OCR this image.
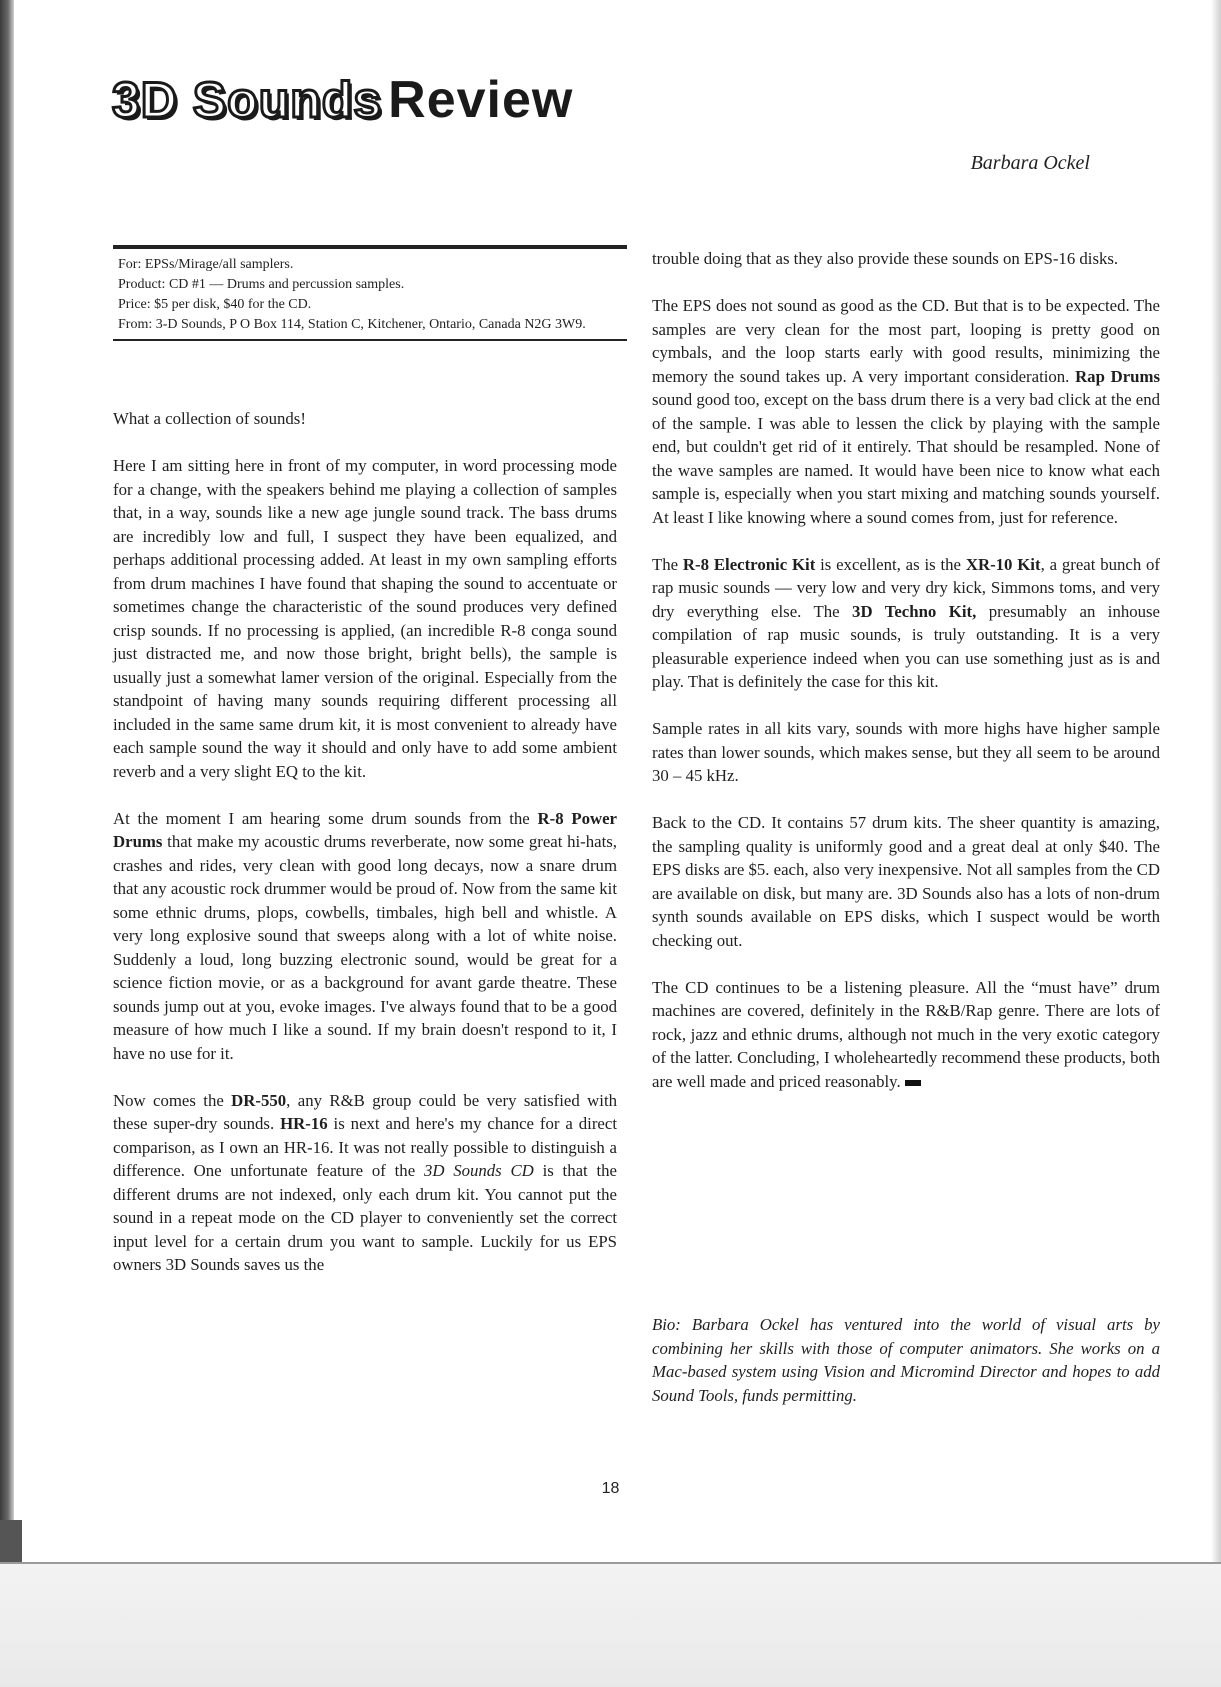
3D Sounds Review
Barbara Ockel
For: EPSs/Mirage/all samplers.
Product: CD #1 — Drums and percussion samples.
Price: $5 per disk, $40 for the CD.
From: 3-D Sounds, P O Box 114, Station C, Kitchener, Ontario, Canada N2G 3W9.

What a collection of sounds!

Here I am sitting here in front of my computer, in word processing mode for a change, with the speakers behind me playing a collection of samples that, in a way, sounds like a new age jungle sound track. The bass drums are incredibly low and full, I suspect they have been equalized, and perhaps additional processing added. At least in my own sampling efforts from drum machines I have found that shaping the sound to accentuate or sometimes change the characteristic of the sound produces very defined crisp sounds. If no processing is applied, (an incredible R-8 conga sound just distracted me, and now those bright, bright bells), the sample is usually just a somewhat lamer version of the original. Especially from the standpoint of having many sounds requiring different processing all included in the same same drum kit, it is most convenient to already have each sample sound the way it should and only have to add some ambient reverb and a very slight EQ to the kit.

At the moment I am hearing some drum sounds from the R-8 Power Drums that make my acoustic drums reverberate, now some great hi-hats, crashes and rides, very clean with good long decays, now a snare drum that any acoustic rock drummer would be proud of. Now from the same kit some ethnic drums, plops, cowbells, timbales, high bell and whistle. A very long explosive sound that sweeps along with a lot of white noise. Suddenly a loud, long buzzing electronic sound, would be great for a science fiction movie, or as a background for avant garde theatre. These sounds jump out at you, evoke images. I've always found that to be a good measure of how much I like a sound. If my brain doesn't respond to it, I have no use for it.

Now comes the DR-550, any R&B group could be very satisfied with these super-dry sounds. HR-16 is next and here's my chance for a direct comparison, as I own an HR-16. It was not really possible to distinguish a difference. One unfortunate feature of the 3D Sounds CD is that the different drums are not indexed, only each drum kit. You cannot put the sound in a repeat mode on the CD player to conveniently set the correct input level for a certain drum you want to sample. Luckily for us EPS owners 3D Sounds saves us the

trouble doing that as they also provide these sounds on EPS-16 disks.

The EPS does not sound as good as the CD. But that is to be expected. The samples are very clean for the most part, looping is pretty good on cymbals, and the loop starts early with good results, minimizing the memory the sound takes up. A very important consideration. Rap Drums sound good too, except on the bass drum there is a very bad click at the end of the sample. I was able to lessen the click by playing with the sample end, but couldn't get rid of it entirely. That should be resampled. None of the wave samples are named. It would have been nice to know what each sample is, especially when you start mixing and matching sounds yourself. At least I like knowing where a sound comes from, just for reference.

The R-8 Electronic Kit is excellent, as is the XR-10 Kit, a great bunch of rap music sounds — very low and very dry kick, Simmons toms, and very dry everything else. The 3D Techno Kit, presumably an inhouse compilation of rap music sounds, is truly outstanding. It is a very pleasurable experience indeed when you can use something just as is and play. That is definitely the case for this kit.

Sample rates in all kits vary, sounds with more highs have higher sample rates than lower sounds, which makes sense, but they all seem to be around 30 – 45 kHz.

Back to the CD. It contains 57 drum kits. The sheer quantity is amazing, the sampling quality is uniformly good and a great deal at only $40. The EPS disks are $5. each, also very inexpensive. Not all samples from the CD are available on disk, but many are. 3D Sounds also has a lots of non-drum synth sounds available on EPS disks, which I suspect would be worth checking out.

The CD continues to be a listening pleasure. All the “must have” drum machines are covered, definitely in the R&B/Rap genre. There are lots of rock, jazz and ethnic drums, although not much in the very exotic category of the latter. Concluding, I wholeheartedly recommend these products, both are well made and priced reasonably.

Bio: Barbara Ockel has ventured into the world of visual arts by combining her skills with those of computer animators. She works on a Mac-based system using Vision and Micromind Director and hopes to add Sound Tools, funds permitting.

18
